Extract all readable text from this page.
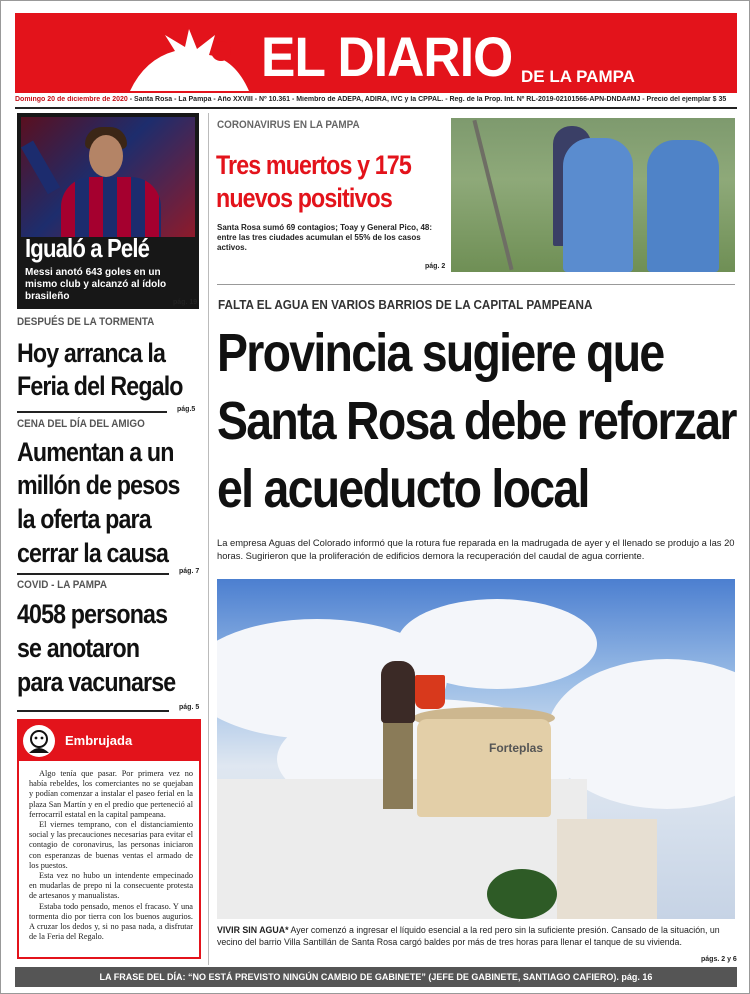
EL DIARIO DE LA PAMPA
Domingo 20 de diciembre de 2020 - Santa Rosa - La Pampa - Año XXVIII - Nº 10.361 - Miembro de ADEPA, ADIRA, IVC y la CPPAL. - Reg. de la Prop. Int. Nº RL-2019-02101566-APN-DNDA#MJ - Precio del ejemplar $ 35
Igualó a Pelé
Messi anotó 643 goles en un mismo club y alcanzó al ídolo brasileño
pág. 19
DESPUÉS DE LA TORMENTA
Hoy arranca la
Feria del Regalo
pág.5
CENA DEL DÍA DEL AMIGO
Aumentan a un
millón de pesos
la oferta para
cerrar la causa
pág. 7
COVID - LA PAMPA
4058 personas
se anotaron
para vacunarse
pág. 5
Embrujada

Algo tenía que pasar. Por primera vez no había rebeldes, los comerciantes no se quejaban y podían comenzar a instalar el paseo ferial en la plaza San Martín y en el predio que perteneció al ferrocarril estatal en la capital pampeana.

El viernes temprano, con el distanciamiento social y las precauciones necesarias para evitar el contagio de coronavirus, las personas iniciaron con esperanzas de buenas ventas el armado de los puestos.

Esta vez no hubo un intendente empecinado en mudarlas de prepo ni la consecuente protesta de artesanos y manualistas.

Estaba todo pensado, menos el fracaso. Y una tormenta dio por tierra con los buenos augurios. A cruzar los dedos y, si no pasa nada, a disfrutar de la Feria del Regalo.

CORONAVIRUS EN LA PAMPA
Tres muertos y 175
nuevos positivos
Santa Rosa sumó 69 contagios; Toay y General Pico, 48: entre las tres ciudades acumulan el 55% de los casos activos.
pág. 2
FALTA EL AGUA EN VARIOS BARRIOS DE LA CAPITAL PAMPEANA
Provincia sugiere que
Santa Rosa debe reforzar
el acueducto local
La empresa Aguas del Colorado informó que la rotura fue reparada en la madrugada de ayer y el llenado se produjo a las 20 horas. Sugirieron que la proliferación de edificios demora la recuperación del caudal de agua corriente.
Forteplas
VIVIR SIN AGUA* Ayer comenzó a ingresar el líquido esencial a la red pero sin la suficiente presión. Cansado de la situación, un vecino del barrio Villa Santillán de Santa Rosa cargó baldes por más de tres horas para llenar el tanque de su vivienda.
págs. 2 y 6
LA FRASE DEL DÍA: “NO ESTÁ PREVISTO NINGÚN CAMBIO DE GABINETE” (JEFE DE GABINETE, SANTIAGO CAFIERO). pág. 16
